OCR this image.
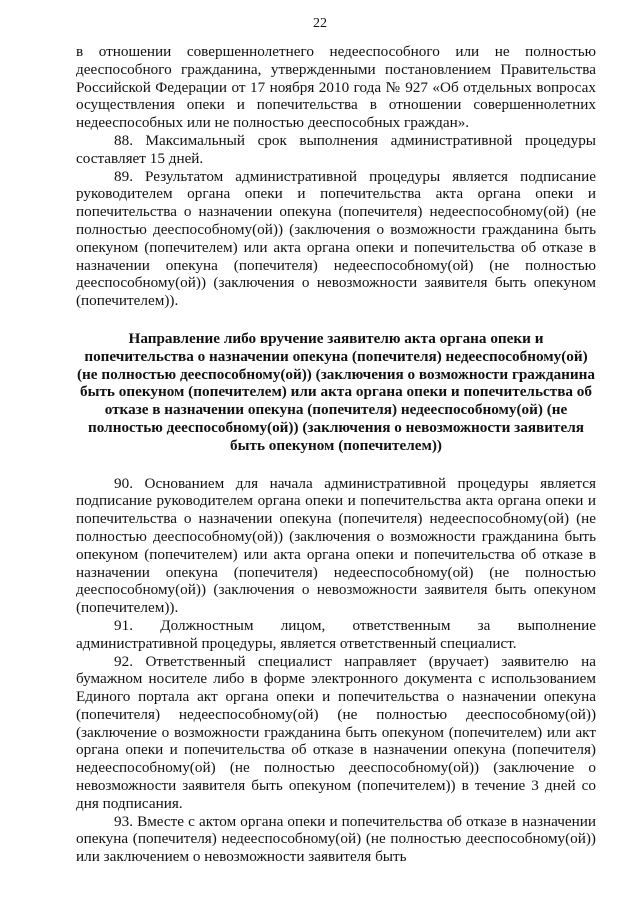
22

в отношении совершеннолетнего недееспособного или не полностью дееспособного гражданина, утвержденными постановлением Правительства Российской Федерации от 17 ноября 2010 года № 927 «Об отдельных вопросах осуществления опеки и попечительства в отношении совершеннолетних недееспособных или не полностью дееспособных граждан».

88. Максимальный срок выполнения административной процедуры составляет 15 дней.

89. Результатом административной процедуры является подписание руководителем органа опеки и попечительства акта органа опеки и попечительства о назначении опекуна (попечителя) недееспособному(ой) (не полностью дееспособному(ой)) (заключения о возможности гражданина быть опекуном (попечителем) или акта органа опеки и попечительства об отказе в назначении опекуна (попечителя) недееспособному(ой) (не полностью дееспособному(ой)) (заключения о невозможности заявителя быть опекуном (попечителем)).

Направление либо вручение заявителю акта органа опеки и попечительства о назначении опекуна (попечителя) недееспособному(ой) (не полностью дееспособному(ой)) (заключения о возможности гражданина быть опекуном (попечителем) или акта органа опеки и попечительства об отказе в назначении опекуна (попечителя) недееспособному(ой) (не полностью дееспособному(ой)) (заключения о невозможности заявителя быть опекуном (попечителем))

90. Основанием для начала административной процедуры является подписание руководителем органа опеки и попечительства акта органа опеки и попечительства о назначении опекуна (попечителя) недееспособному(ой) (не полностью дееспособному(ой)) (заключения о возможности гражданина быть опекуном (попечителем) или акта органа опеки и попечительства об отказе в назначении опекуна (попечителя) недееспособному(ой) (не полностью дееспособному(ой)) (заключения о невозможности заявителя быть опекуном (попечителем)).

91. Должностным лицом, ответственным за выполнение административной процедуры, является ответственный специалист.

92. Ответственный специалист направляет (вручает) заявителю на бумажном носителе либо в форме электронного документа с использованием Единого портала акт органа опеки и попечительства о назначении опекуна (попечителя) недееспособному(ой) (не полностью дееспособному(ой)) (заключение о возможности гражданина быть опекуном (попечителем) или акт органа опеки и попечительства об отказе в назначении опекуна (попечителя) недееспособному(ой) (не полностью дееспособному(ой)) (заключение о невозможности заявителя быть опекуном (попечителем)) в течение 3 дней со дня подписания.

93. Вместе с актом органа опеки и попечительства об отказе в назначении опекуна (попечителя) недееспособному(ой) (не полностью дееспособному(ой)) или заключением о невозможности заявителя быть
